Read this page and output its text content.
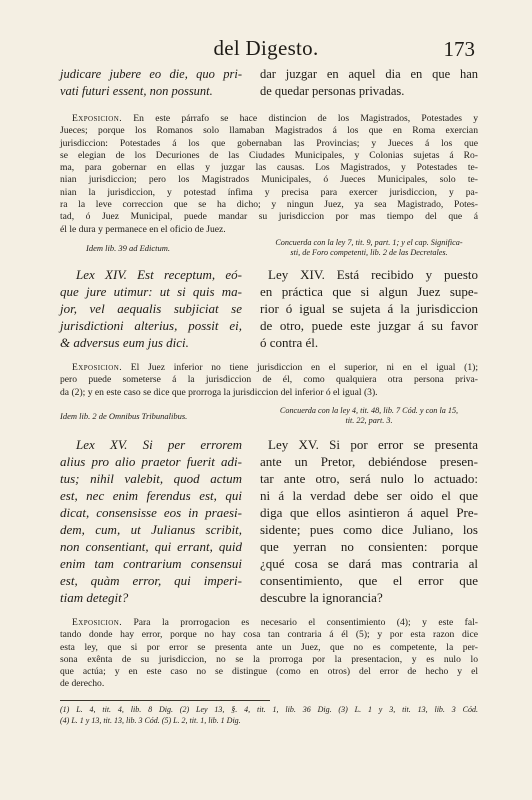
del Digesto.	173
judicare jubere eo die, quo pri-
vati futuri essent, non possunt.
dar juzgar en aquel dia en que han
de quedar personas privadas.
Exposicion. En este párrafo se hace distincion de los Magistrados, Potestades y
Jueces; porque los Romanos solo llamaban Magistrados á los que en Roma exercian
jurisdiccion: Potestades á los que gobernaban las Provincias; y Jueces á los que
se elegian de los Decuriones de las Ciudades Municipales, y Colonias sujetas á Ro-
ma, para gobernar en ellas y juzgar las causas. Los Magistrados, y Potestades te-
nian jurisdiccion; pero los Magistrados Municipales, ó Jueces Municipales, solo te-
nian la jurisdiccion, y potestad ínfima y precisa para exercer jurisdiccion, y pa-
ra la leve correccion que se ha dicho; y ningun Juez, ya sea Magistrado, Potes-
tad, ó Juez Municipal, puede mandar su jurisdiccion por mas tiempo del que á
él le dura y permanece en el oficio de Juez.
Idem lib. 39 ad Edictum.
Concuerda con la ley 7, tit. 9, part. 1; y el cap. Significa-
sti, de Foro competenti, lib. 2 de las Decretales.
Lex XIV. Est receptum, eó-
que jure utimur: ut si quis ma-
jor, vel aequalis subjiciat se
jurisdictioni alterius, possit ei,
& adversus eum jus dici.
Ley XIV. Está recibido y puesto
en práctica que si algun Juez supe-
rior ó igual se sujeta á la jurisdiccion
de otro, puede este juzgar á su favor
ó contra él.
Exposicion. El Juez inferior no tiene jurisdiccion en el superior, ni en el igual (1);
pero puede someterse á la jurisdiccion de él, como qualquiera otra persona priva-
da (2); y en este caso se dice que prorroga la jurisdiccion del inferior ó el igual (3).
Idem lib. 2 de Omnibus Tribunalibus.
Concuerda con la ley 4, tit. 48, lib. 7 Cód. y con la 15,
tit. 22, part. 3.
Lex XV. Si per errorem
alius pro alio praetor fuerit adi-
tus; nihil valebit, quod actum
est, nec enim ferendus est, qui
dicat, consensisse eos in praesi-
dem, cum, ut Julianus scribit,
non consentiant, qui errant, quid
enim tam contrarium consensui
est, quàm error, qui imperi-
tiam detegit?
Ley XV. Si por error se presenta
ante un Pretor, debiéndose presen-
tar ante otro, será nulo lo actuado:
ni á la verdad debe ser oido el que
diga que ellos asintieron á aquel Pre-
sidente; pues como dice Juliano, los
que yerran no consienten: porque
¿qué cosa se dará mas contraria al
consentimiento, que el error que
descubre la ignorancia?
Exposicion. Para la prorrogacion es necesario el consentimiento (4); y este fal-
tando donde hay error, porque no hay cosa tan contraria á él (5); y por esta razon dice
esta ley, que si por error se presenta ante un Juez, que no es competente, la per-
sona exênta de su jurisdiccion, no se la prorroga por la presentacion, y es nulo lo
que actúa; y en este caso no se distingue (como en otros) del error de hecho y el
de derecho.
(1) L. 4, tit. 4, lib. 8 Dig. (2) Ley 13, §. 4, tit. 1, lib. 36 Dig. (3) L. 1 y 3, tit. 13, lib. 3 Cód.
(4) L. 1 y 13, tit. 13, lib. 3 Cód. (5) L. 2, tit. 1, lib. 1 Dig.
